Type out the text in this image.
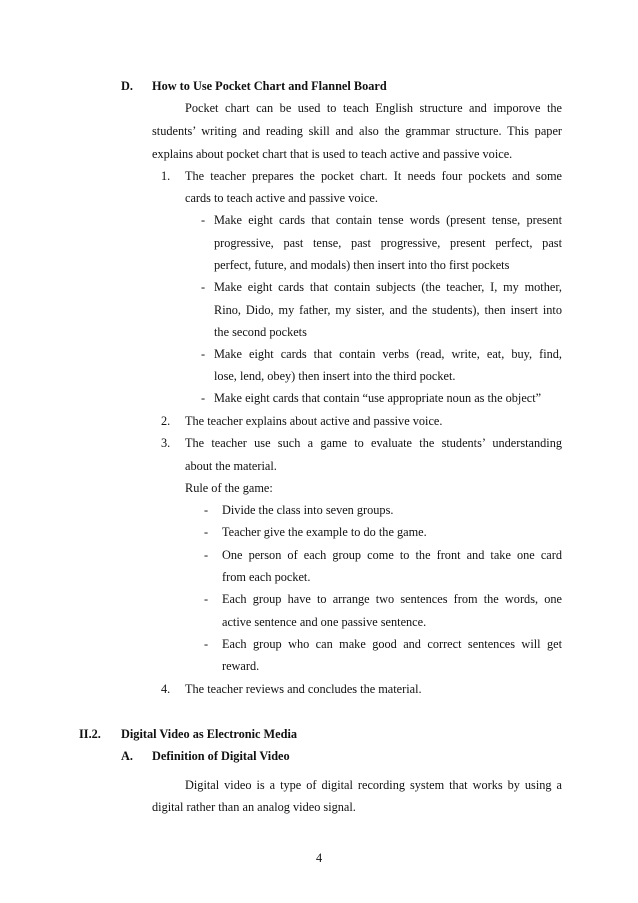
D. How to Use Pocket Chart and Flannel Board
Pocket chart can be used to teach English structure and imporove the
students’ writing and reading skill and also the grammar structure. This paper
explains about pocket chart that is used to teach active and passive voice.
1. The teacher prepares the pocket chart. It needs four pockets and some
cards to teach active and passive voice.
- Make eight cards that contain tense words (present tense, present
progressive, past tense, past progressive, present perfect, past
perfect, future, and modals) then insert into tho first pockets
- Make eight cards that contain subjects (the teacher, I, my mother,
Rino, Dido, my father, my sister, and the students), then insert into
the second pockets
- Make eight cards that contain verbs (read, write, eat, buy, find,
lose, lend, obey) then insert into the third pocket.
- Make eight cards that contain “use appropriate noun as the object”
2. The teacher explains about active and passive voice.
3. The teacher use such a game to evaluate the students’ understanding
about the material.
Rule of the game:
- Divide the class into seven groups.
- Teacher give the example to do the game.
- One person of each group come to the front and take one card
from each pocket.
- Each group have to arrange two sentences from the words, one
active sentence and one passive sentence.
- Each group who can make good and correct sentences will get
reward.
4. The teacher reviews and concludes the material.
II.2. Digital Video as Electronic Media
A. Definition of Digital Video
Digital video is a type of digital recording system that works by using a
digital rather than an analog video signal.
4
